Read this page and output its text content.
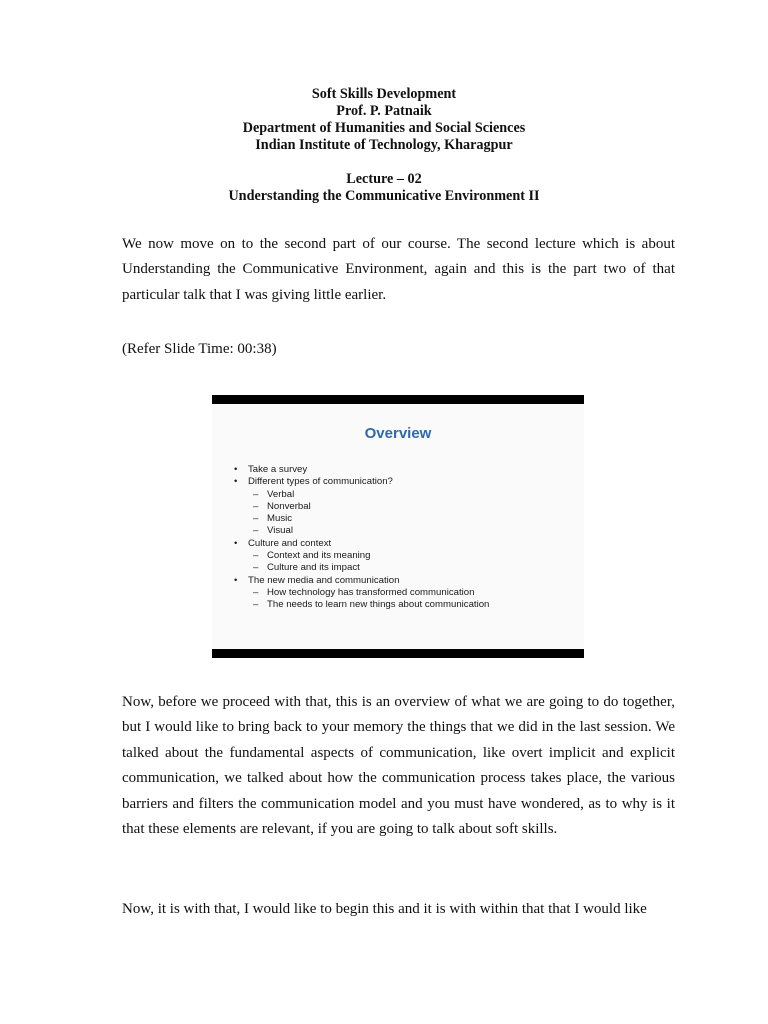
Soft Skills Development

Prof. P. Patnaik

Department of Humanities and Social Sciences

Indian Institute of Technology, Kharagpur

Lecture – 02

Understanding the Communicative Environment II

We now move on to the second part of our course. The second lecture which is about Understanding the Communicative Environment, again and this is the part two of that particular talk that I was giving little earlier.

(Refer Slide Time: 00:38)

Overview
• Take a survey
• Different types of communication?
– Verbal
– Nonverbal
– Music
– Visual
• Culture and context
– Context and its meaning
– Culture and its impact
• The new media and communication
– How technology has transformed communication
– The needs to learn new things about communication

Now, before we proceed with that, this is an overview of what we are going to do together, but I would like to bring back to your memory the things that we did in the last session. We talked about the fundamental aspects of communication, like overt implicit and explicit communication, we talked about how the communication process takes place, the various barriers and filters the communication model and you must have wondered, as to why is it that these elements are relevant, if you are going to talk about soft skills.

Now, it is with that, I would like to begin this and it is with within that that I would like
